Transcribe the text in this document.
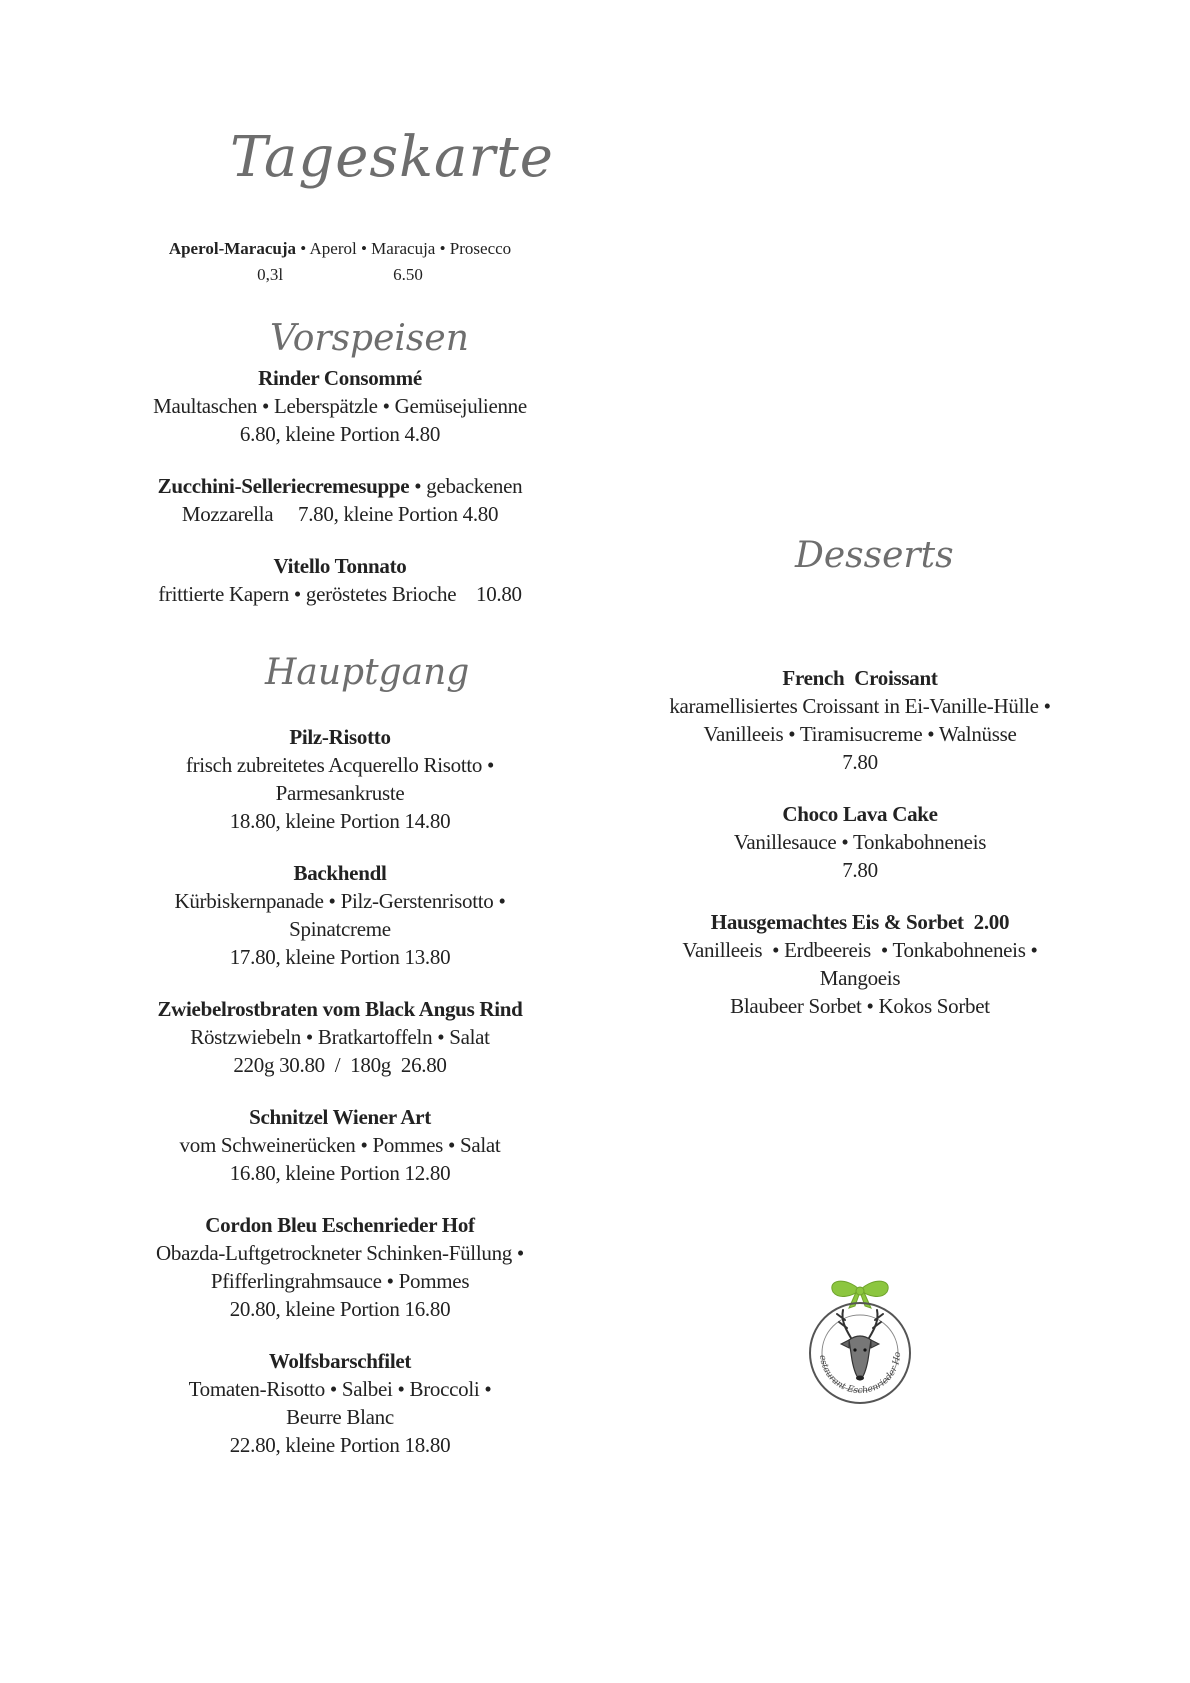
Tageskarte
Aperol-Maracuja • Aperol • Maracuja • Prosecco
0,3l	6.50
Vorspeisen
Rinder Consommé
Maultaschen • Leberspätzle • Gemüsejulienne
6.80, kleine Portion 4.80
Zucchini-Selleriecremesuppe • gebackenen
Mozzarella     7.80, kleine Portion 4.80
Vitello Tonnato
frittierte Kapern • geröstetes Brioche    10.80
Hauptgang
Pilz-Risotto
frisch zubreitetes Acquerello Risotto •
Parmesankruste
18.80, kleine Portion 14.80
Backhendl
Kürbiskernpanade • Pilz-Gerstenrisotto •
Spinatcreme
17.80, kleine Portion 13.80
Zwiebelrostbraten vom Black Angus Rind
Röstzwiebeln • Bratkartoffeln • Salat
220g 30.80  /  180g  26.80
Schnitzel Wiener Art
vom Schweinerücken • Pommes • Salat
16.80, kleine Portion 12.80
Cordon Bleu Eschenrieder Hof
Obazda-Luftgetrockneter Schinken-Füllung •
Pfifferlingrahmsauce • Pommes
20.80, kleine Portion 16.80
Wolfsbarschfilet
Tomaten-Risotto • Salbei • Broccoli •
Beurre Blanc
22.80, kleine Portion 18.80
Desserts
French  Croissant
karamellisiertes Croissant in Ei-Vanille-Hülle •
Vanilleeis • Tiramisucreme • Walnüsse
7.80
Choco Lava Cake
Vanillesauce • Tonkabohneneis
7.80
Hausgemachtes Eis & Sorbet  2.00
Vanilleeis  • Erdbeereis  • Tonkabohneneis •
Mangoeis
Blaubeer Sorbet • Kokos Sorbet
estaurant Eschenrieder Ho
